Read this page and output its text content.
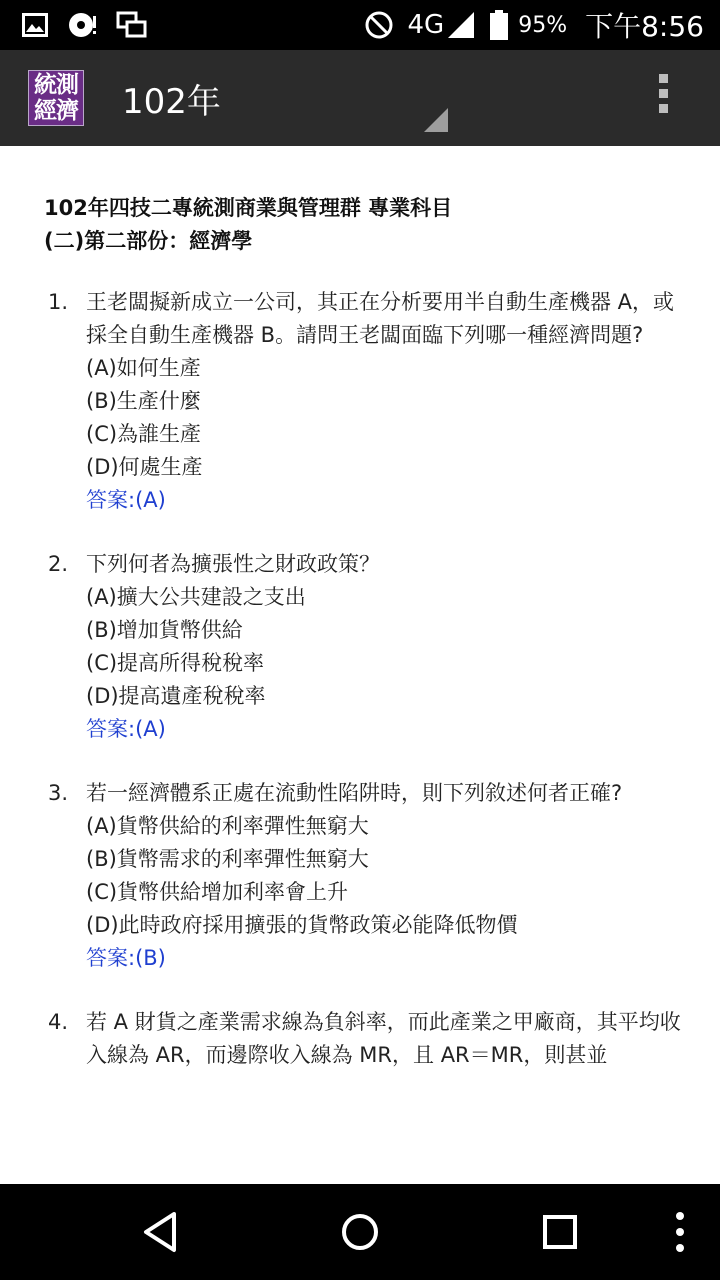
4G	95% 下午8:56
統測
經濟 102年
102年四技二專統測商業與管理群 專業科目
(二)第二部份：經濟學
1. 王老闆擬新成立一公司，其正在分析要用半自動生產機器 A，或採全自動生產機器 B。請問王老闆面臨下列哪一種經濟問題?
(A)如何生產
(B)生產什麼
(C)為誰生產
(D)何處生產
答案:(A)
2. 下列何者為擴張性之財政政策？
(A)擴大公共建設之支出
(B)增加貨幣供給
(C)提高所得稅稅率
(D)提高遺產稅稅率
答案:(A)
3. 若一經濟體系正處在流動性陷阱時，則下列敘述何者正確?
(A)貨幣供給的利率彈性無窮大
(B)貨幣需求的利率彈性無窮大
(C)貨幣供給增加利率會上升
(D)此時政府採用擴張的貨幣政策必能降低物價
答案:(B)
4. 若 A 財貨之產業需求線為負斜率，而此產業之甲廠商，其平均收入線為 AR，而邊際收入線為 MR，且 AR＝MR，則甚並
